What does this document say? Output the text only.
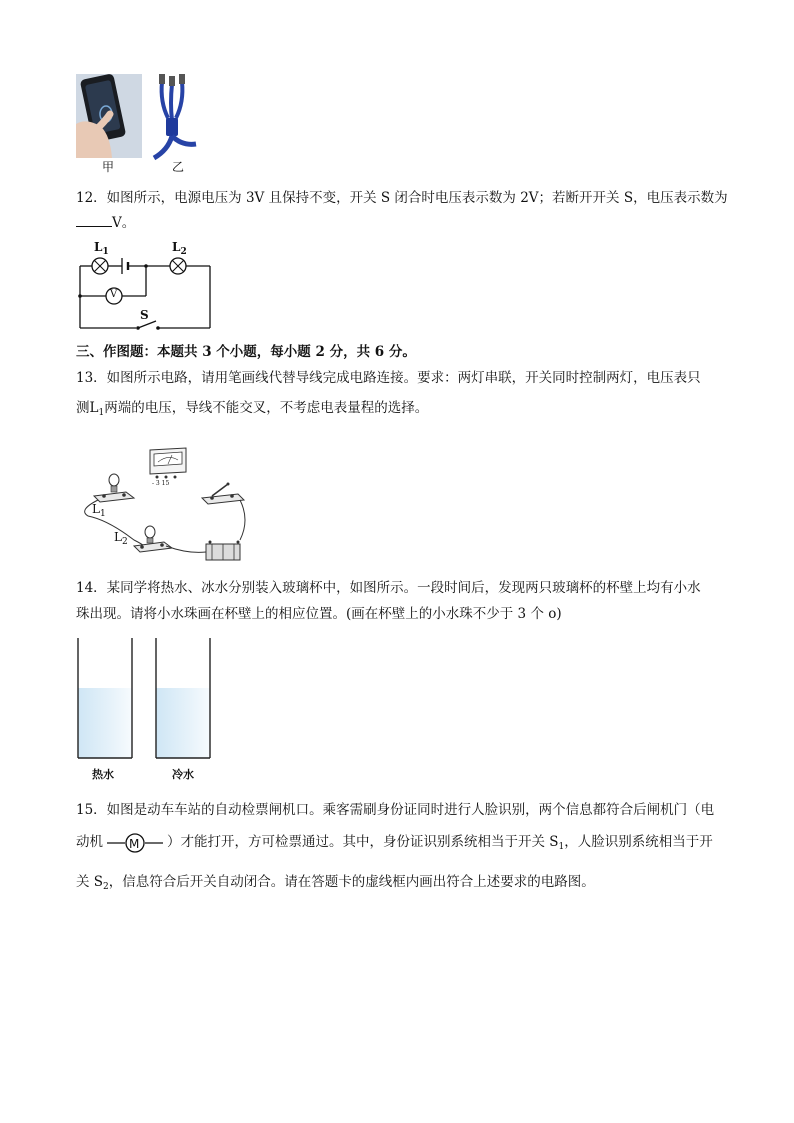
甲	乙
12．如图所示，电源电压为 3V 且保持不变，开关 S 闭合时电压表示数为 2V；若断开开关 S，电压表示数为
V。
$L_1$	$L_2$
V
S
三、作图题：本题共 3 个小题，每小题 2 分，共 6 分。
13．如图所示电路，请用笔画线代替导线完成电路连接。要求：两灯串联，开关同时控制两灯，电压表只
测$L_1$两端的电压，导线不能交叉，不考虑电表量程的选择。
- 3 15
$L_1$
$L_2$
14．某同学将热水、冰水分别装入玻璃杯中，如图所示。一段时间后，发现两只玻璃杯的杯壁上均有小水
珠出现。请将小水珠画在杯壁上的相应位置。(画在杯壁上的小水珠不少于 3 个 o)
热水	冷水
15．如图是动车车站的自动检票闸机口。乘客需刷身份证同时进行人脸识别，两个信息都符合后闸机门（电
动机 M ）才能打开，方可检票通过。其中，身份证识别系统相当于开关 $S_1$，人脸识别系统相当于开
关 $S_2$，信息符合后开关自动闭合。请在答题卡的虚线框内画出符合上述要求的电路图。
